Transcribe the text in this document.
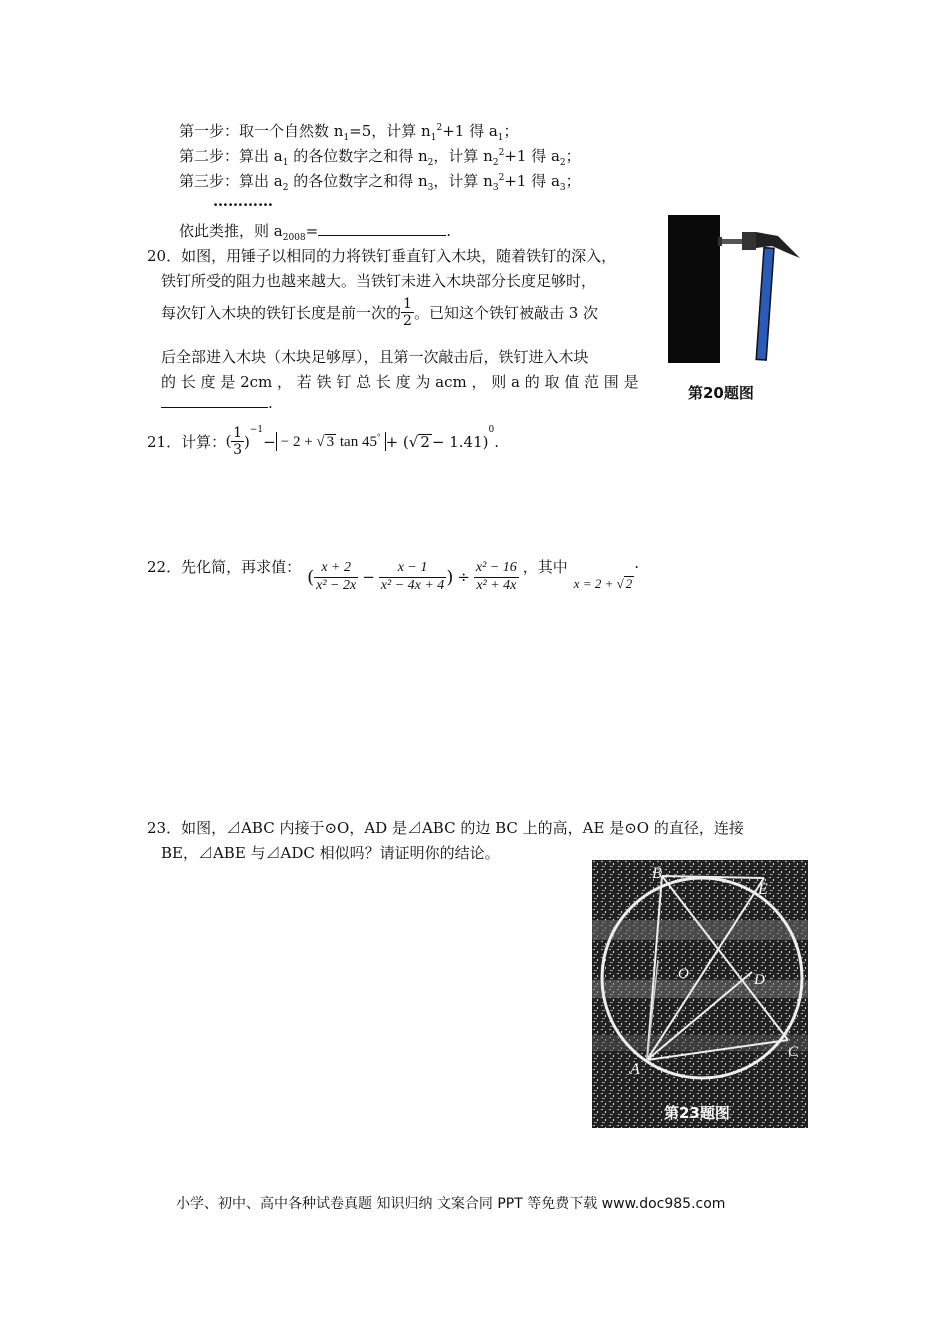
第一步：取一个自然数 $n_1=5$，计算 $n_1^2+1$ 得 $a_1$；
第二步：算出 $a_1$ 的各位数字之和得 $n_2$，计算 $n_2^2+1$ 得 $a_2$；
第三步：算出 $a_2$ 的各位数字之和得 $n_3$，计算 $n_3^2+1$ 得 $a_3$；
…………
依此类推，则 $a_{2008}=$	.
20．如图，用锤子以相同的力将铁钉垂直钉入木块，随着铁钉的深入，
铁钉所受的阻力也越来越大。当铁钉未进入木块部分长度足够时，
每次钉入木块的铁钉长度是前一次的 $\frac{1}{2}$ 。已知这个铁钉被敲击 3 次
后全部进入木块（木块足够厚），且第一次敲击后，铁钉进入木块
的 长 度 是 2cm ， 若 铁 钉 总 长 度 为 acm ， 则 a 的 取 值 范 围 是
.
第20题图
21．计算： ( $\frac{1}{3}$ )
$^{-1}$
− − 2 + √ 3 tan 45° + ( √ 2 − 1.41)
$^0$
.
22．先化简，再求值： ( $\frac{x + 2}{\text{x² − 2x}} - \frac{x - 1}{\text{x² − 4x + 4}}$ ) ÷ $\frac{\text{x² − 16}}{\text{x² + 4x}}$ ，其中
x = 2 + √ 2
.
23．如图，⊿ABC 内接于⊙O，AD 是⊿ABC 的边 BC 上的高，AE 是⊙O 的直径，连接
BE，⊿ABE 与⊿ADC 相似吗？请证明你的结论。
B
E
O	D
C
A
第23题图
小学、初中、高中各种试卷真题 知识归纳 文案合同 PPT 等免费下载 www.doc985.com
